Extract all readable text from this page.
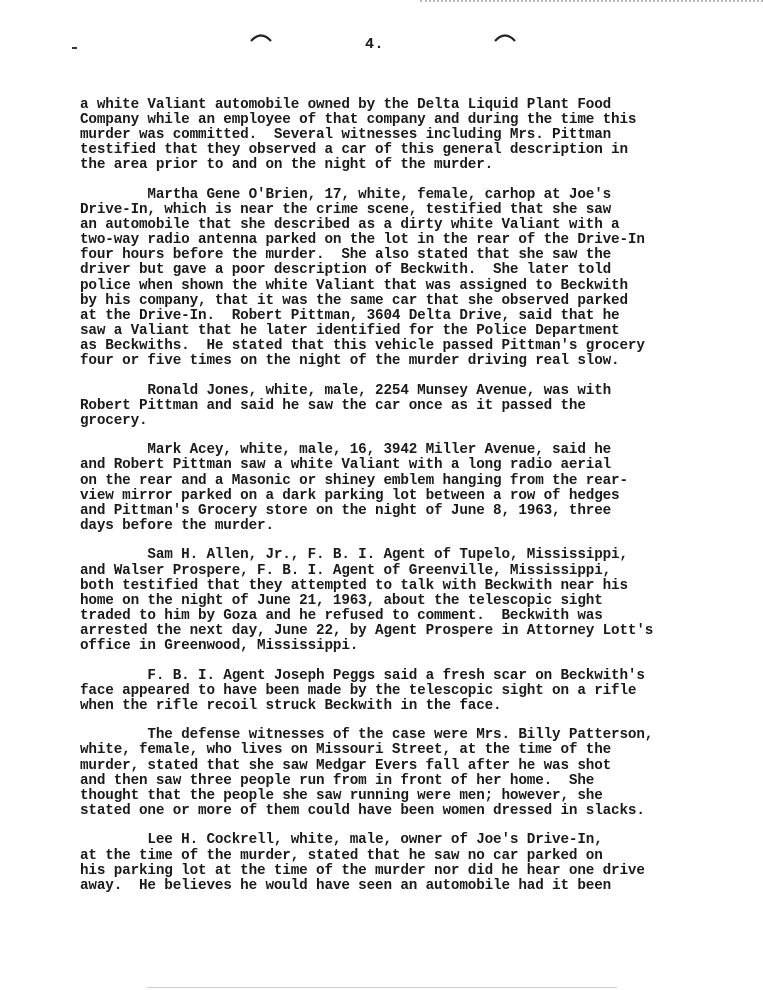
4.
a white Valiant automobile owned by the Delta Liquid Plant Food
Company while an employee of that company and during the time this
murder was committed.  Several witnesses including Mrs. Pittman
testified that they observed a car of this general description in
the area prior to and on the night of the murder.
Martha Gene O'Brien, 17, white, female, carhop at Joe's
Drive-In, which is near the crime scene, testified that she saw
an automobile that she described as a dirty white Valiant with a
two-way radio antenna parked on the lot in the rear of the Drive-In
four hours before the murder.  She also stated that she saw the
driver but gave a poor description of Beckwith.  She later told
police when shown the white Valiant that was assigned to Beckwith
by his company, that it was the same car that she observed parked
at the Drive-In.  Robert Pittman, 3604 Delta Drive, said that he
saw a Valiant that he later identified for the Police Department
as Beckwiths.  He stated that this vehicle passed Pittman's grocery
four or five times on the night of the murder driving real slow.
Ronald Jones, white, male, 2254 Munsey Avenue, was with
Robert Pittman and said he saw the car once as it passed the
grocery.
Mark Acey, white, male, 16, 3942 Miller Avenue, said he
and Robert Pittman saw a white Valiant with a long radio aerial
on the rear and a Masonic or shiney emblem hanging from the rear-
view mirror parked on a dark parking lot between a row of hedges
and Pittman's Grocery store on the night of June 8, 1963, three
days before the murder.
Sam H. Allen, Jr., F. B. I. Agent of Tupelo, Mississippi,
and Walser Prospere, F. B. I. Agent of Greenville, Mississippi,
both testified that they attempted to talk with Beckwith near his
home on the night of June 21, 1963, about the telescopic sight
traded to him by Goza and he refused to comment.  Beckwith was
arrested the next day, June 22, by Agent Prospere in Attorney Lott's
office in Greenwood, Mississippi.
F. B. I. Agent Joseph Peggs said a fresh scar on Beckwith's
face appeared to have been made by the telescopic sight on a rifle
when the rifle recoil struck Beckwith in the face.
The defense witnesses of the case were Mrs. Billy Patterson,
white, female, who lives on Missouri Street, at the time of the
murder, stated that she saw Medgar Evers fall after he was shot
and then saw three people run from in front of her home.  She
thought that the people she saw running were men; however, she
stated one or more of them could have been women dressed in slacks.
Lee H. Cockrell, white, male, owner of Joe's Drive-In,
at the time of the murder, stated that he saw no car parked on
his parking lot at the time of the murder nor did he hear one drive
away.  He believes he would have seen an automobile had it been
